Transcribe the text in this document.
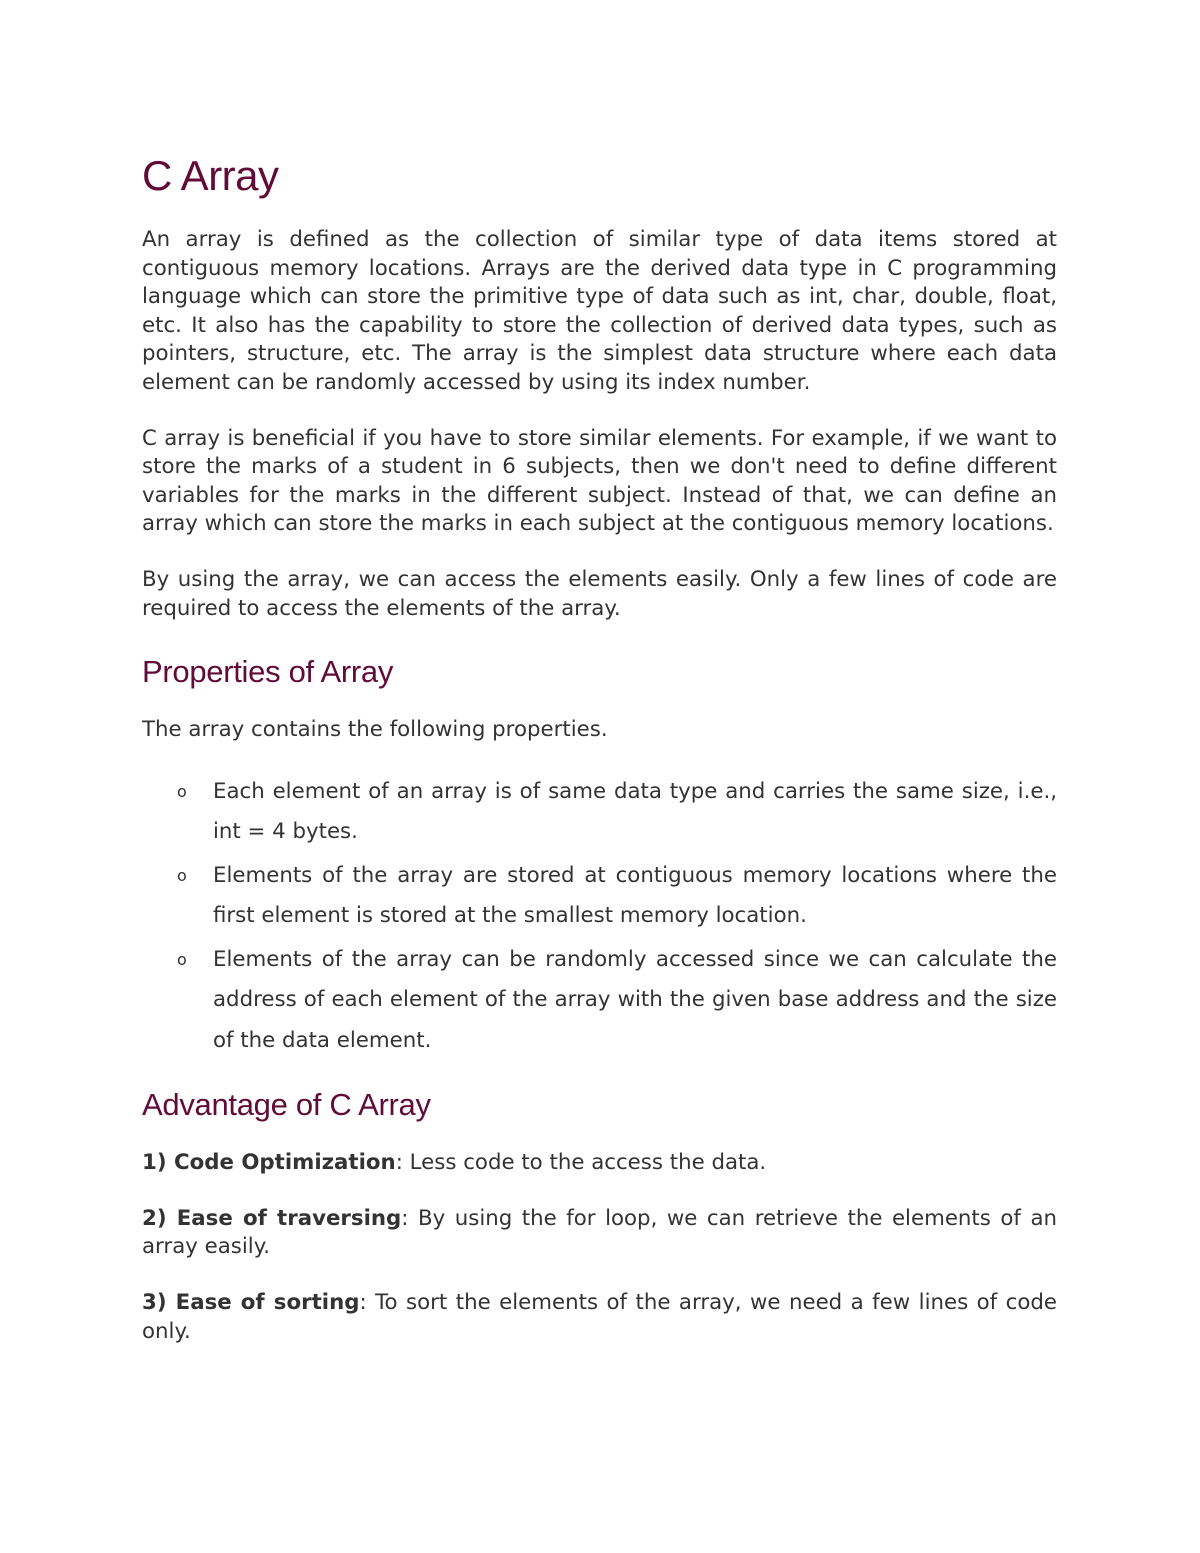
C Array

An array is defined as the collection of similar type of data items stored at contiguous memory locations. Arrays are the derived data type in C programming language which can store the primitive type of data such as int, char, double, float, etc. It also has the capability to store the collection of derived data types, such as pointers, structure, etc. The array is the simplest data structure where each data element can be randomly accessed by using its index number.

C array is beneficial if you have to store similar elements. For example, if we want to store the marks of a student in 6 subjects, then we don't need to define different variables for the marks in the different subject. Instead of that, we can define an array which can store the marks in each subject at the contiguous memory locations.

By using the array, we can access the elements easily. Only a few lines of code are required to access the elements of the array.

Properties of Array

The array contains the following properties.

o Each element of an array is of same data type and carries the same size, i.e., int = 4 bytes.
o Elements of the array are stored at contiguous memory locations where the first element is stored at the smallest memory location.
o Elements of the array can be randomly accessed since we can calculate the address of each element of the array with the given base address and the size of the data element.
Advantage of C Array

1) Code Optimization: Less code to the access the data.

2) Ease of traversing: By using the for loop, we can retrieve the elements of an array easily.

3) Ease of sorting: To sort the elements of the array, we need a few lines of code only.
